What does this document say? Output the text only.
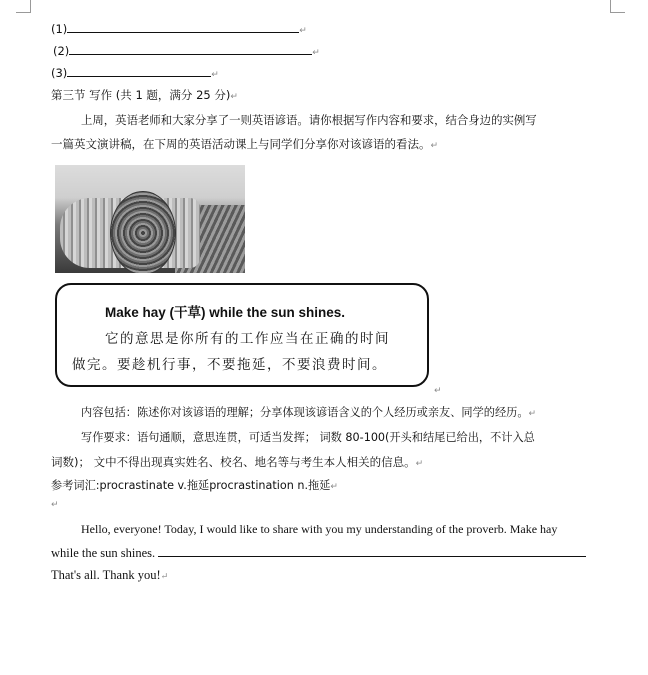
(1)	↵
(2)	↵
(3)	↵
第三节 写作 (共 1 题，满分 25 分)↵
上周，英语老师和大家分享了一则英语谚语。请你根据写作内容和要求，结合身边的实例写
一篇英文演讲稿，在下周的英语活动课上与同学们分享你对该谚语的看法。↵
Make hay (干草) while the sun shines.
它的意思是你所有的工作应当在正确的时间
做完。要趁机行事，不要拖延，不要浪费时间。
↵
内容包括：陈述你对该谚语的理解；分享体现该谚语含义的个人经历或亲友、同学的经历。↵
写作要求：语句通顺，意思连贯，可适当发挥； 词数 80-100(开头和结尾已给出，不计入总
词数)； 文中不得出现真实姓名、校名、地名等与考生本人相关的信息。↵
参考词汇:procrastinate v.拖延procrastination n.拖延↵
↵
Hello, everyone! Today, I would like to share with you my understanding of the proverb. Make hay
while the sun shines.
That's all. Thank you!↵
